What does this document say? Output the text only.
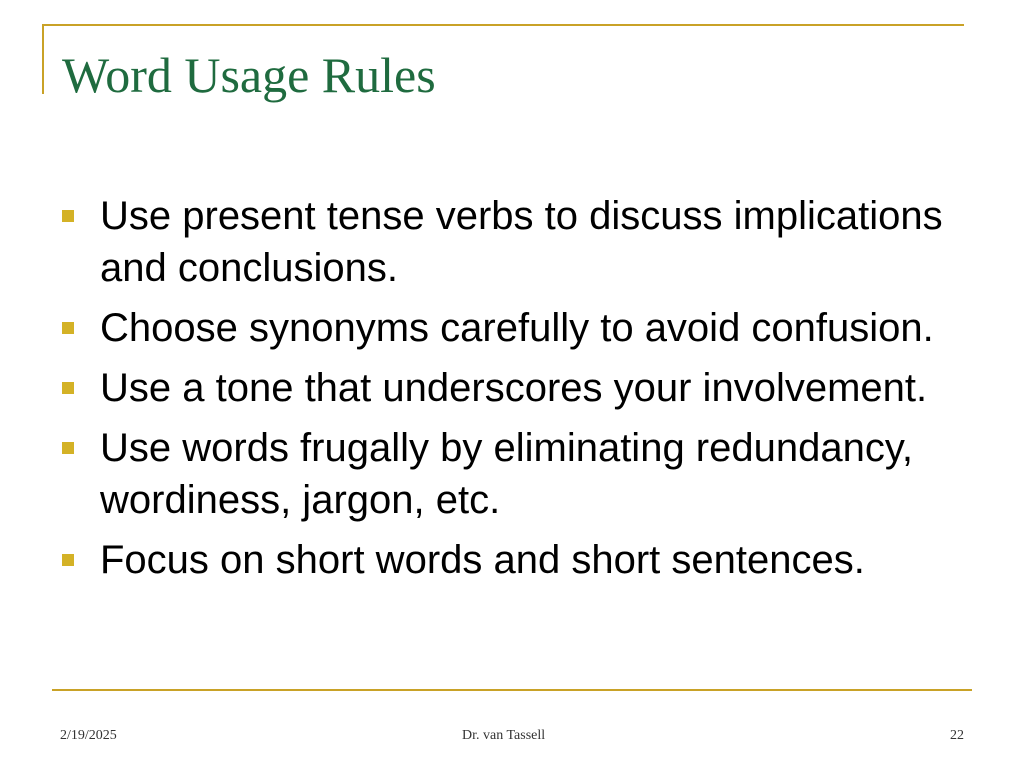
Word Usage Rules
Use present tense verbs to discuss implications and conclusions.
Choose synonyms carefully to avoid confusion.
Use a tone that underscores your involvement.
Use words frugally by eliminating redundancy, wordiness, jargon, etc.
Focus on short words and short sentences.
2/19/2025	Dr. van Tassell	22
